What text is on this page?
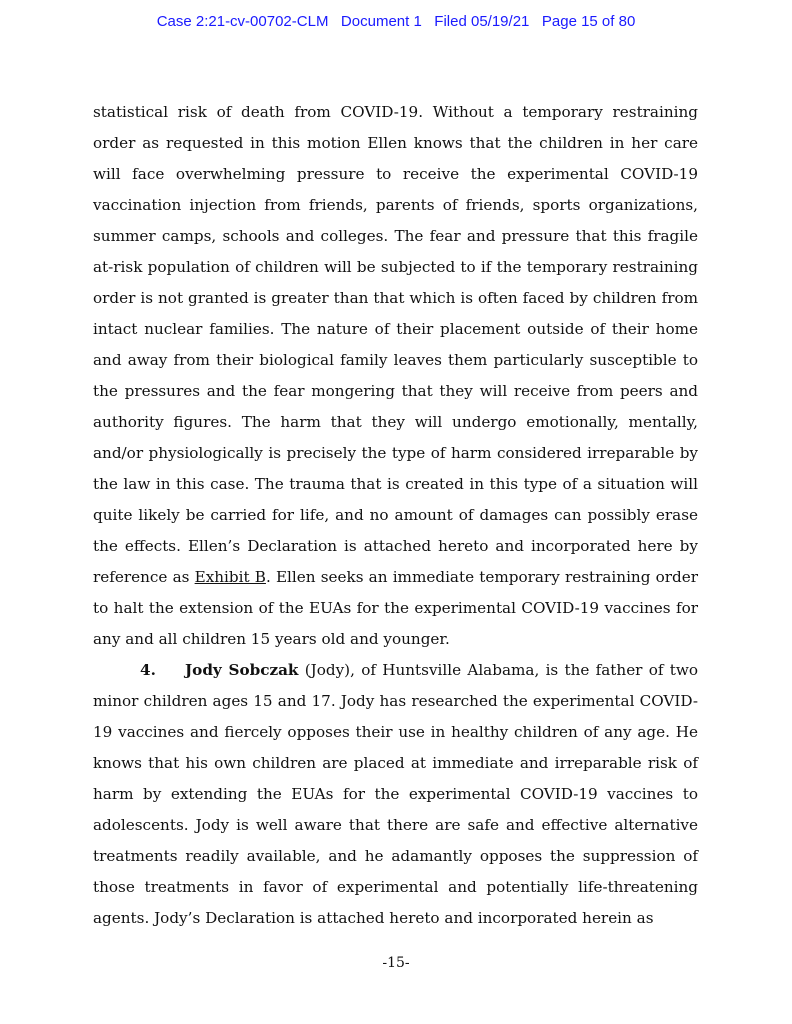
Case 2:21-cv-00702-CLM   Document 1   Filed 05/19/21   Page 15 of 80

statistical risk of death from COVID-19. Without a temporary restraining order as requested in this motion Ellen knows that the children in her care will face overwhelming pressure to receive the experimental COVID-19 vaccination injection from friends, parents of friends, sports organizations, summer camps, schools and colleges. The fear and pressure that this fragile at-risk population of children will be subjected to if the temporary restraining order is not granted is greater than that which is often faced by children from intact nuclear families. The nature of their placement outside of their home and away from their biological family leaves them particularly susceptible to the pressures and the fear mongering that they will receive from peers and authority figures. The harm that they will undergo emotionally, mentally, and/or physiologically is precisely the type of harm considered irreparable by the law in this case. The trauma that is created in this type of a situation will quite likely be carried for life, and no amount of damages can possibly erase the effects. Ellen’s Declaration is attached hereto and incorporated here by reference as Exhibit B. Ellen seeks an immediate temporary restraining order to halt the extension of the EUAs for the experimental COVID-19 vaccines for any and all children 15 years old and younger.

4. Jody Sobczak (Jody), of Huntsville Alabama, is the father of two minor children ages 15 and 17. Jody has researched the experimental COVID-19 vaccines and fiercely opposes their use in healthy children of any age. He knows that his own children are placed at immediate and irreparable risk of harm by extending the EUAs for the experimental COVID-19 vaccines to adolescents. Jody is well aware that there are safe and effective alternative treatments readily available, and he adamantly opposes the suppression of those treatments in favor of experimental and potentially life-threatening agents. Jody’s Declaration is attached hereto and incorporated herein as

-15-
